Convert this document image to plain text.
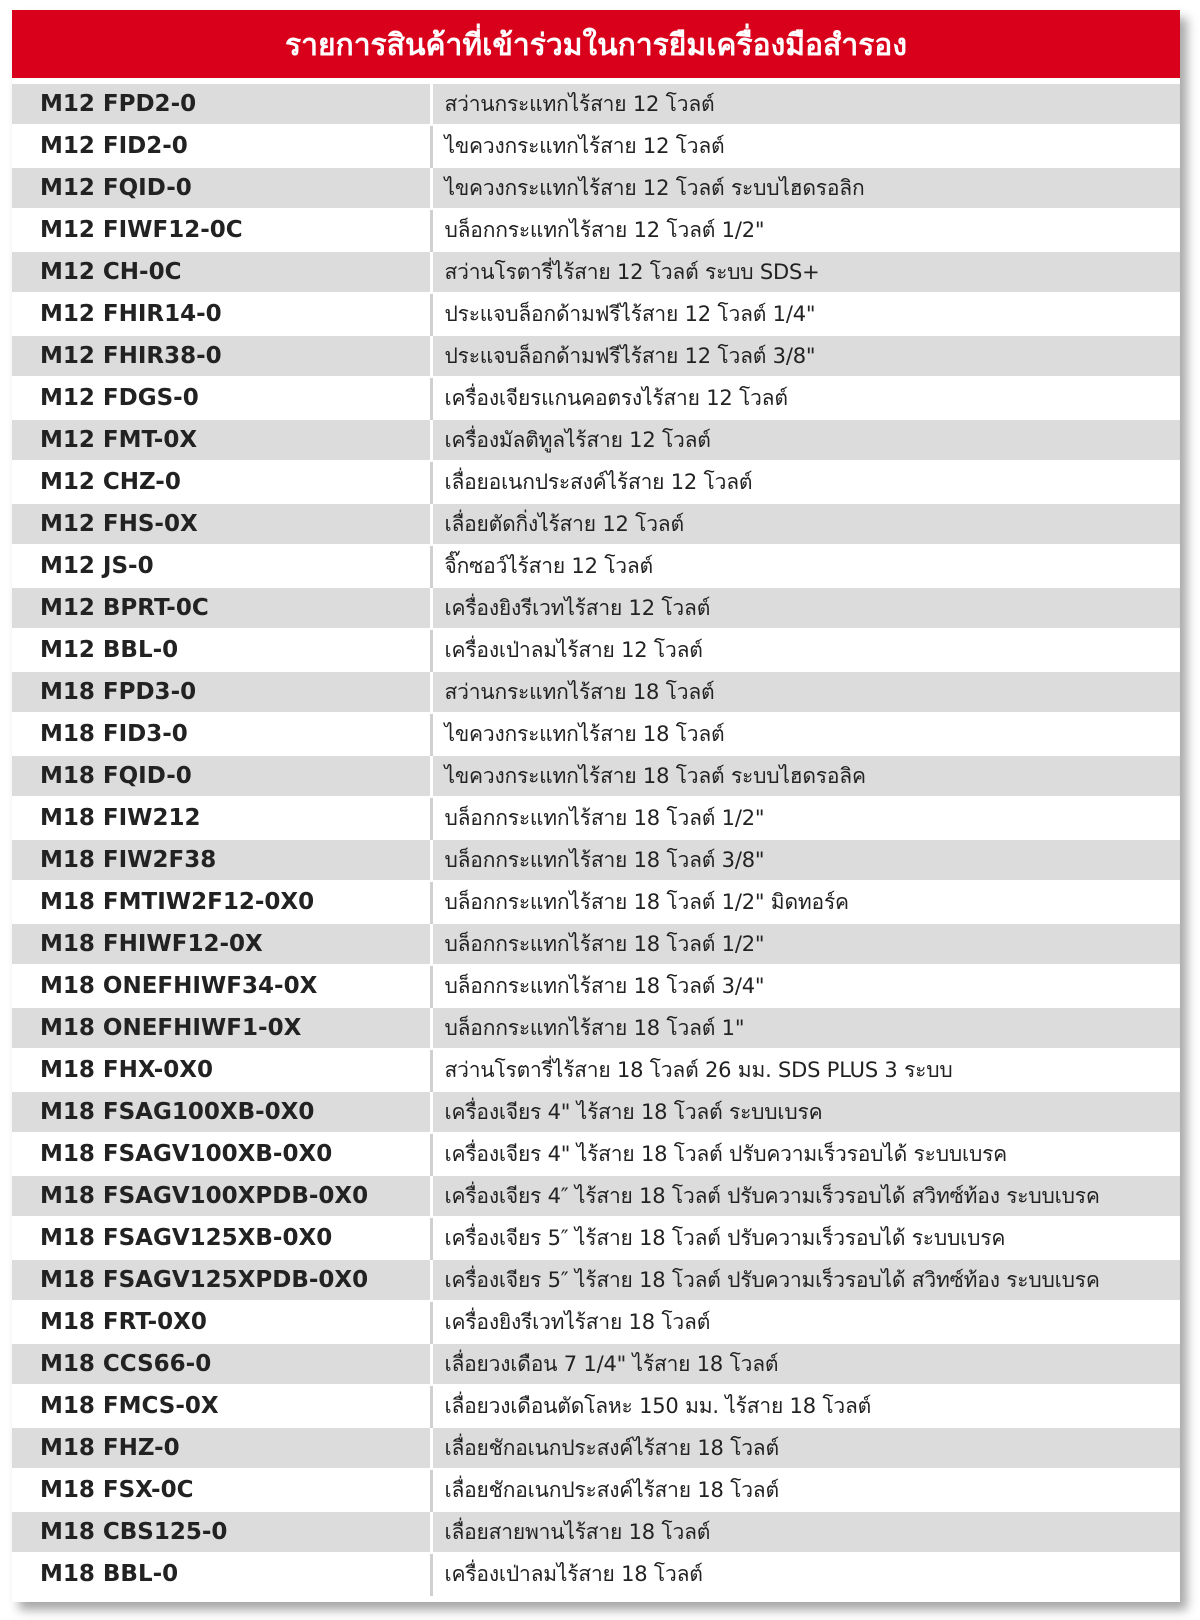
รายการสินค้าที่เข้าร่วมในการยืมเครื่องมือสำรอง
M12 FPD2-0	สว่านกระแทกไร้สาย 12 โวลต์
M12 FID2-0	ไขควงกระแทกไร้สาย 12 โวลต์
M12 FQID-0	ไขควงกระแทกไร้สาย 12 โวลต์ ระบบไฮดรอลิก
M12 FIWF12-0C	บล็อกกระแทกไร้สาย 12 โวลต์ 1/2"
M12 CH-0C	สว่านโรตารี่ไร้สาย 12 โวลต์ ระบบ SDS+
M12 FHIR14-0	ประแจบล็อกด้ามฟรีไร้สาย 12 โวลต์ 1/4"
M12 FHIR38-0	ประแจบล็อกด้ามฟรีไร้สาย 12 โวลต์ 3/8"
M12 FDGS-0	เครื่องเจียรแกนคอตรงไร้สาย 12 โวลต์
M12 FMT-0X	เครื่องมัลติทูลไร้สาย 12 โวลต์
M12 CHZ-0	เลื่อยอเนกประสงค์ไร้สาย 12 โวลต์
M12 FHS-0X	เลื่อยตัดกิ่งไร้สาย 12 โวลต์
M12 JS-0	จิ๊กซอว์ไร้สาย 12 โวลต์
M12 BPRT-0C	เครื่องยิงรีเวทไร้สาย 12 โวลต์
M12 BBL-0	เครื่องเป่าลมไร้สาย 12 โวลต์
M18 FPD3-0	สว่านกระแทกไร้สาย 18 โวลต์
M18 FID3-0	ไขควงกระแทกไร้สาย 18 โวลต์
M18 FQID-0	ไขควงกระแทกไร้สาย 18 โวลต์ ระบบไฮดรอลิค
M18 FIW212	บล็อกกระแทกไร้สาย 18 โวลต์ 1/2"
M18 FIW2F38	บล็อกกระแทกไร้สาย 18 โวลต์ 3/8"
M18 FMTIW2F12-0X0	บล็อกกระแทกไร้สาย 18 โวลต์ 1/2" มิดทอร์ค
M18 FHIWF12-0X	บล็อกกระแทกไร้สาย 18 โวลต์ 1/2"
M18 ONEFHIWF34-0X	บล็อกกระแทกไร้สาย 18 โวลต์ 3/4"
M18 ONEFHIWF1-0X	บล็อกกระแทกไร้สาย 18 โวลต์ 1"
M18 FHX-0X0	สว่านโรตารี่ไร้สาย 18 โวลต์ 26 มม. SDS PLUS 3 ระบบ
M18 FSAG100XB-0X0	เครื่องเจียร 4" ไร้สาย 18 โวลต์ ระบบเบรค
M18 FSAGV100XB-0X0	เครื่องเจียร 4" ไร้สาย 18 โวลต์ ปรับความเร็วรอบได้ ระบบเบรค
M18 FSAGV100XPDB-0X0	เครื่องเจียร 4″ ไร้สาย 18 โวลต์ ปรับความเร็วรอบได้ สวิทซ์ท้อง ระบบเบรค
M18 FSAGV125XB-0X0	เครื่องเจียร 5″ ไร้สาย 18 โวลต์ ปรับความเร็วรอบได้ ระบบเบรค
M18 FSAGV125XPDB-0X0	เครื่องเจียร 5″ ไร้สาย 18 โวลต์ ปรับความเร็วรอบได้ สวิทซ์ท้อง ระบบเบรค
M18 FRT-0X0	เครื่องยิงรีเวทไร้สาย 18 โวลต์
M18 CCS66-0	เลื่อยวงเดือน 7 1/4" ไร้สาย 18 โวลต์
M18 FMCS-0X	เลื่อยวงเดือนตัดโลหะ 150 มม. ไร้สาย 18 โวลต์
M18 FHZ-0	เลื่อยชักอเนกประสงค์ไร้สาย 18 โวลต์
M18 FSX-0C	เลื่อยชักอเนกประสงค์ไร้สาย 18 โวลต์
M18 CBS125-0	เลื่อยสายพานไร้สาย 18 โวลต์
M18 BBL-0	เครื่องเป่าลมไร้สาย 18 โวลต์
